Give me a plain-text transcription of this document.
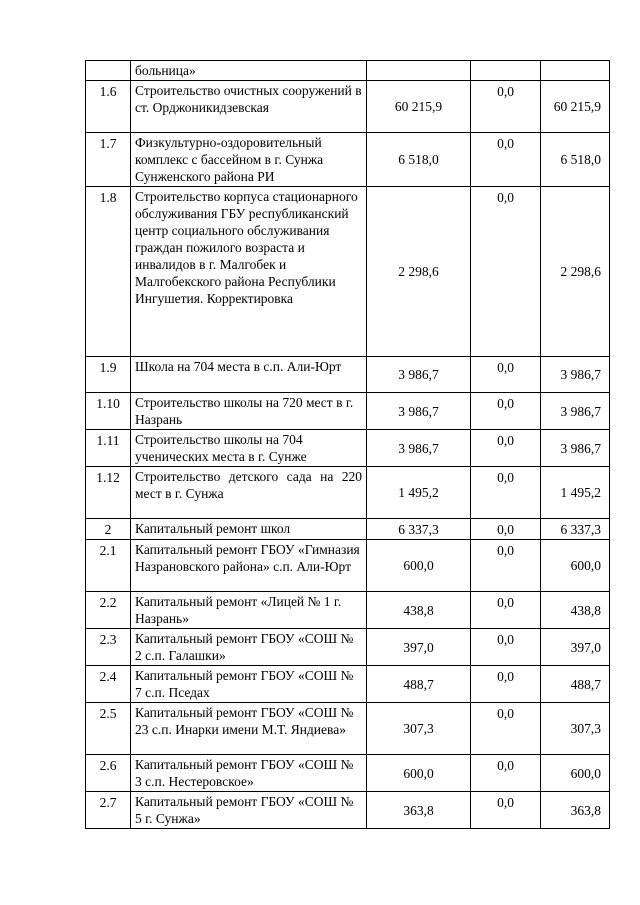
	больница»			
1.6	Строительство очистных сооружений в ст. Орджоникидзевская	60 215,9	0,0	60 215,9
1.7	Физкультурно-оздоровительный комплекс с бассейном в г. Сунжа Сунженского района РИ	6 518,0	0,0	6 518,0
1.8	Строительство корпуса стационарного обслуживания ГБУ республиканский центр социального обслуживания граждан пожилого возраста и инвалидов в г. Малгобек и Малгобекского района Республики Ингушетия. Корректировка	2 298,6	0,0	2 298,6
1.9	Школа на 704 места в с.п. Али-Юрт	3 986,7	0,0	3 986,7
1.10	Строительство школы на 720 мест в г. Назрань	3 986,7	0,0	3 986,7
1.11	Строительство школы на 704 ученических места в г. Сунже	3 986,7	0,0	3 986,7
1.12	Строительство детского сада на 220 мест в г. Сунжа	1 495,2	0,0	1 495,2
2	Капитальный ремонт школ	6 337,3	0,0	6 337,3
2.1	Капитальный ремонт ГБОУ «Гимназия Назрановского района» с.п. Али-Юрт	600,0	0,0	600,0
2.2	Капитальный ремонт «Лицей № 1 г. Назрань»	438,8	0,0	438,8
2.3	Капитальный ремонт ГБОУ «СОШ № 2 с.п. Галашки»	397,0	0,0	397,0
2.4	Капитальный ремонт ГБОУ «СОШ № 7 с.п. Пседах	488,7	0,0	488,7
2.5	Капитальный ремонт ГБОУ «СОШ № 23 с.п. Инарки имени М.Т. Яндиева»	307,3	0,0	307,3
2.6	Капитальный ремонт ГБОУ «СОШ № 3 с.п. Нестеровское»	600,0	0,0	600,0
2.7	Капитальный ремонт ГБОУ «СОШ № 5 г. Сунжа»	363,8	0,0	363,8
